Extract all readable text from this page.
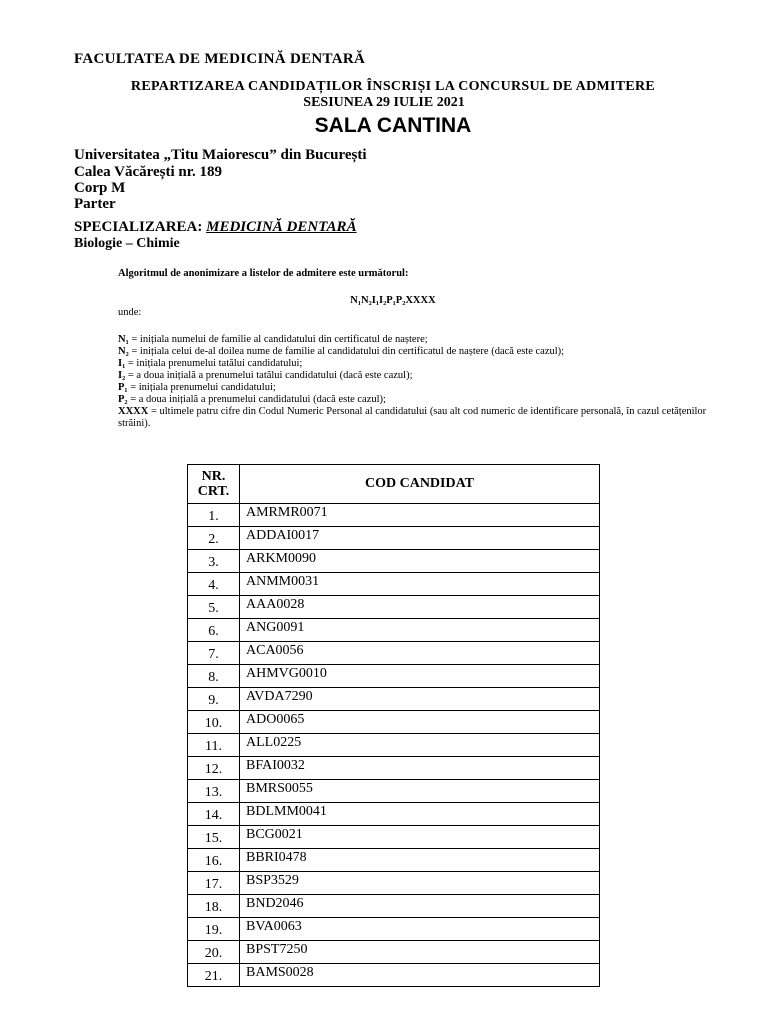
FACULTATEA DE MEDICINĂ DENTARĂ
REPARTIZAREA CANDIDAȚILOR ÎNSCRIȘI LA CONCURSUL DE ADMITERE
SESIUNEA 29 IULIE 2021
SALA CANTINA
Universitatea „Titu Maiorescu” din București
Calea Văcărești nr. 189
Corp M
Parter
SPECIALIZAREA: MEDICINĂ DENTARĂ
Biologie – Chimie
Algoritmul de anonimizare a listelor de admitere este următorul:
N₁N₂I₁I₂P₁P₂XXXX
unde:
N₁ = inițiala numelui de familie al candidatului din certificatul de naștere;
N₂ = inițiala celui de-al doilea nume de familie al candidatului din certificatul de naștere (dacă este cazul);
I₁ = inițiala prenumelui tatălui candidatului;
I₂ = a doua inițială a prenumelui tatălui candidatului (dacă este cazul);
P₁ = inițiala prenumelui candidatului;
P₂ = a doua inițială a prenumelui candidatului (dacă este cazul);
XXXX = ultimele patru cifre din Codul Numeric Personal al candidatului (sau alt cod numeric de identificare personală, în cazul cetățenilor străini).
NR. CRT.	COD CANDIDAT
1.	AMRMR0071
2.	ADDAI0017
3.	ARKM0090
4.	ANMM0031
5.	AAA0028
6.	ANG0091
7.	ACA0056
8.	AHMVG0010
9.	AVDA7290
10.	ADO0065
11.	ALL0225
12.	BFAI0032
13.	BMRS0055
14.	BDLMM0041
15.	BCG0021
16.	BBRI0478
17.	BSP3529
18.	BND2046
19.	BVA0063
20.	BPST7250
21.	BAMS0028
